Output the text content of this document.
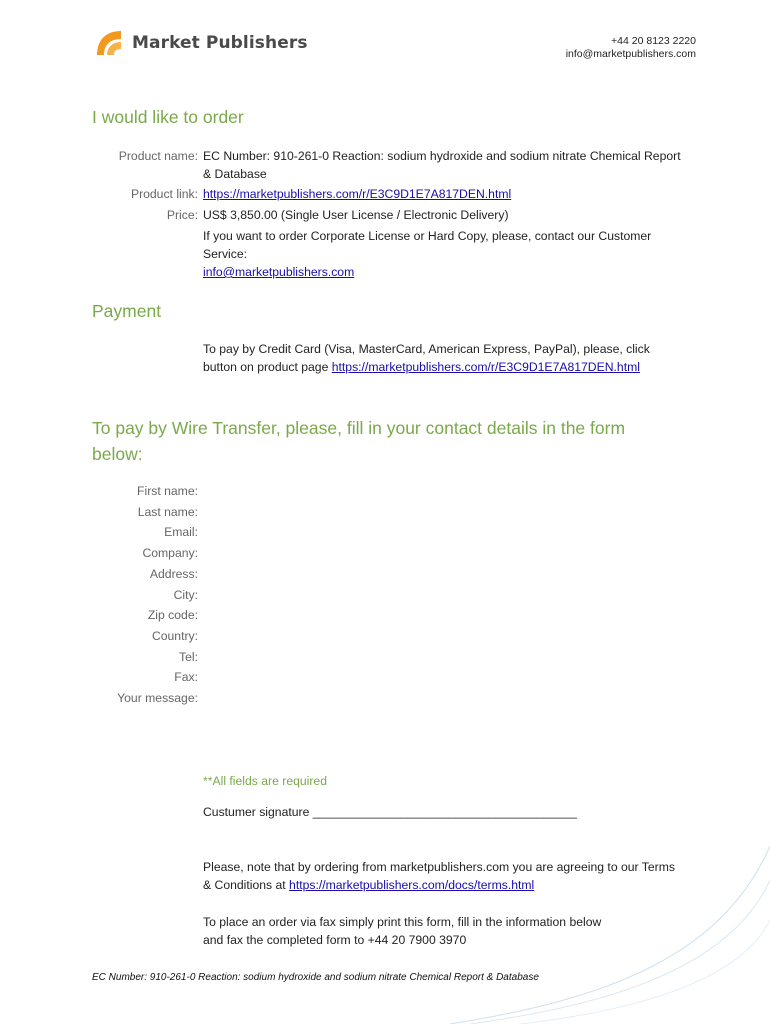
Market Publishers	+44 20 8123 2220
info@marketpublishers.com
I would like to order
Product name: EC Number: 910-261-0 Reaction: sodium hydroxide and sodium nitrate Chemical Report
& Database
Product link: https://marketpublishers.com/r/E3C9D1E7A817DEN.html
Price: US$ 3,850.00 (Single User License / Electronic Delivery)
If you want to order Corporate License or Hard Copy, please, contact our Customer
Service:
info@marketpublishers.com
Payment
To pay by Credit Card (Visa, MasterCard, American Express, PayPal), please, click
button on product page https://marketpublishers.com/r/E3C9D1E7A817DEN.html
To pay by Wire Transfer, please, fill in your contact details in the form
below:
First name:
Last name:
Email:
Company:
Address:
City:
Zip code:
Country:
Tel:
Fax:
Your message:
**All fields are required
Custumer signature _______________________________________
Please, note that by ordering from marketpublishers.com you are agreeing to our Terms
& Conditions at https://marketpublishers.com/docs/terms.html
To place an order via fax simply print this form, fill in the information below
and fax the completed form to +44 20 7900 3970
EC Number: 910-261-0 Reaction: sodium hydroxide and sodium nitrate Chemical Report & Database
